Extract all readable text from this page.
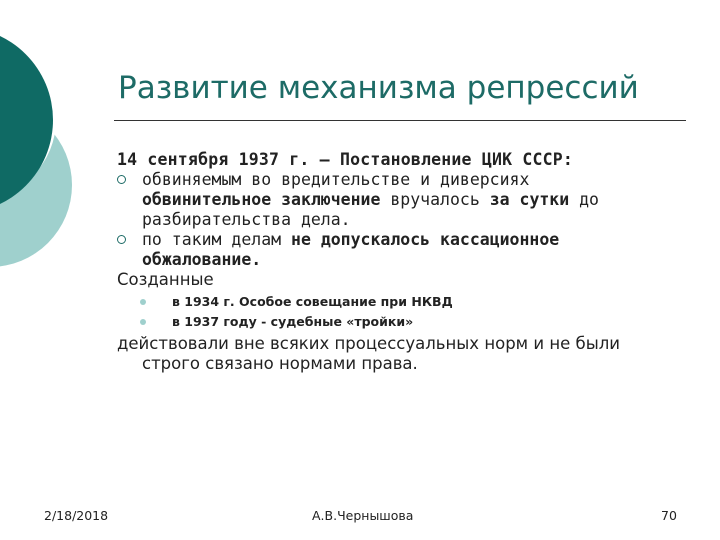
Развитие механизма репрессий
14 сентября 1937 г. – Постановление ЦИК СССР:
обвиняемым во вредительстве и диверсиях
обвинительное заключение вручалось за сутки до
разбирательства дела.
по таким делам не допускалось кассационное
обжалование.
Созданные
в 1934 г. Особое совещание при НКВД
в 1937 году - судебные «тройки»
действовали вне всяких процессуальных норм и не были
строго связано нормами права.
2/18/2018	А.В.Чернышова	70
